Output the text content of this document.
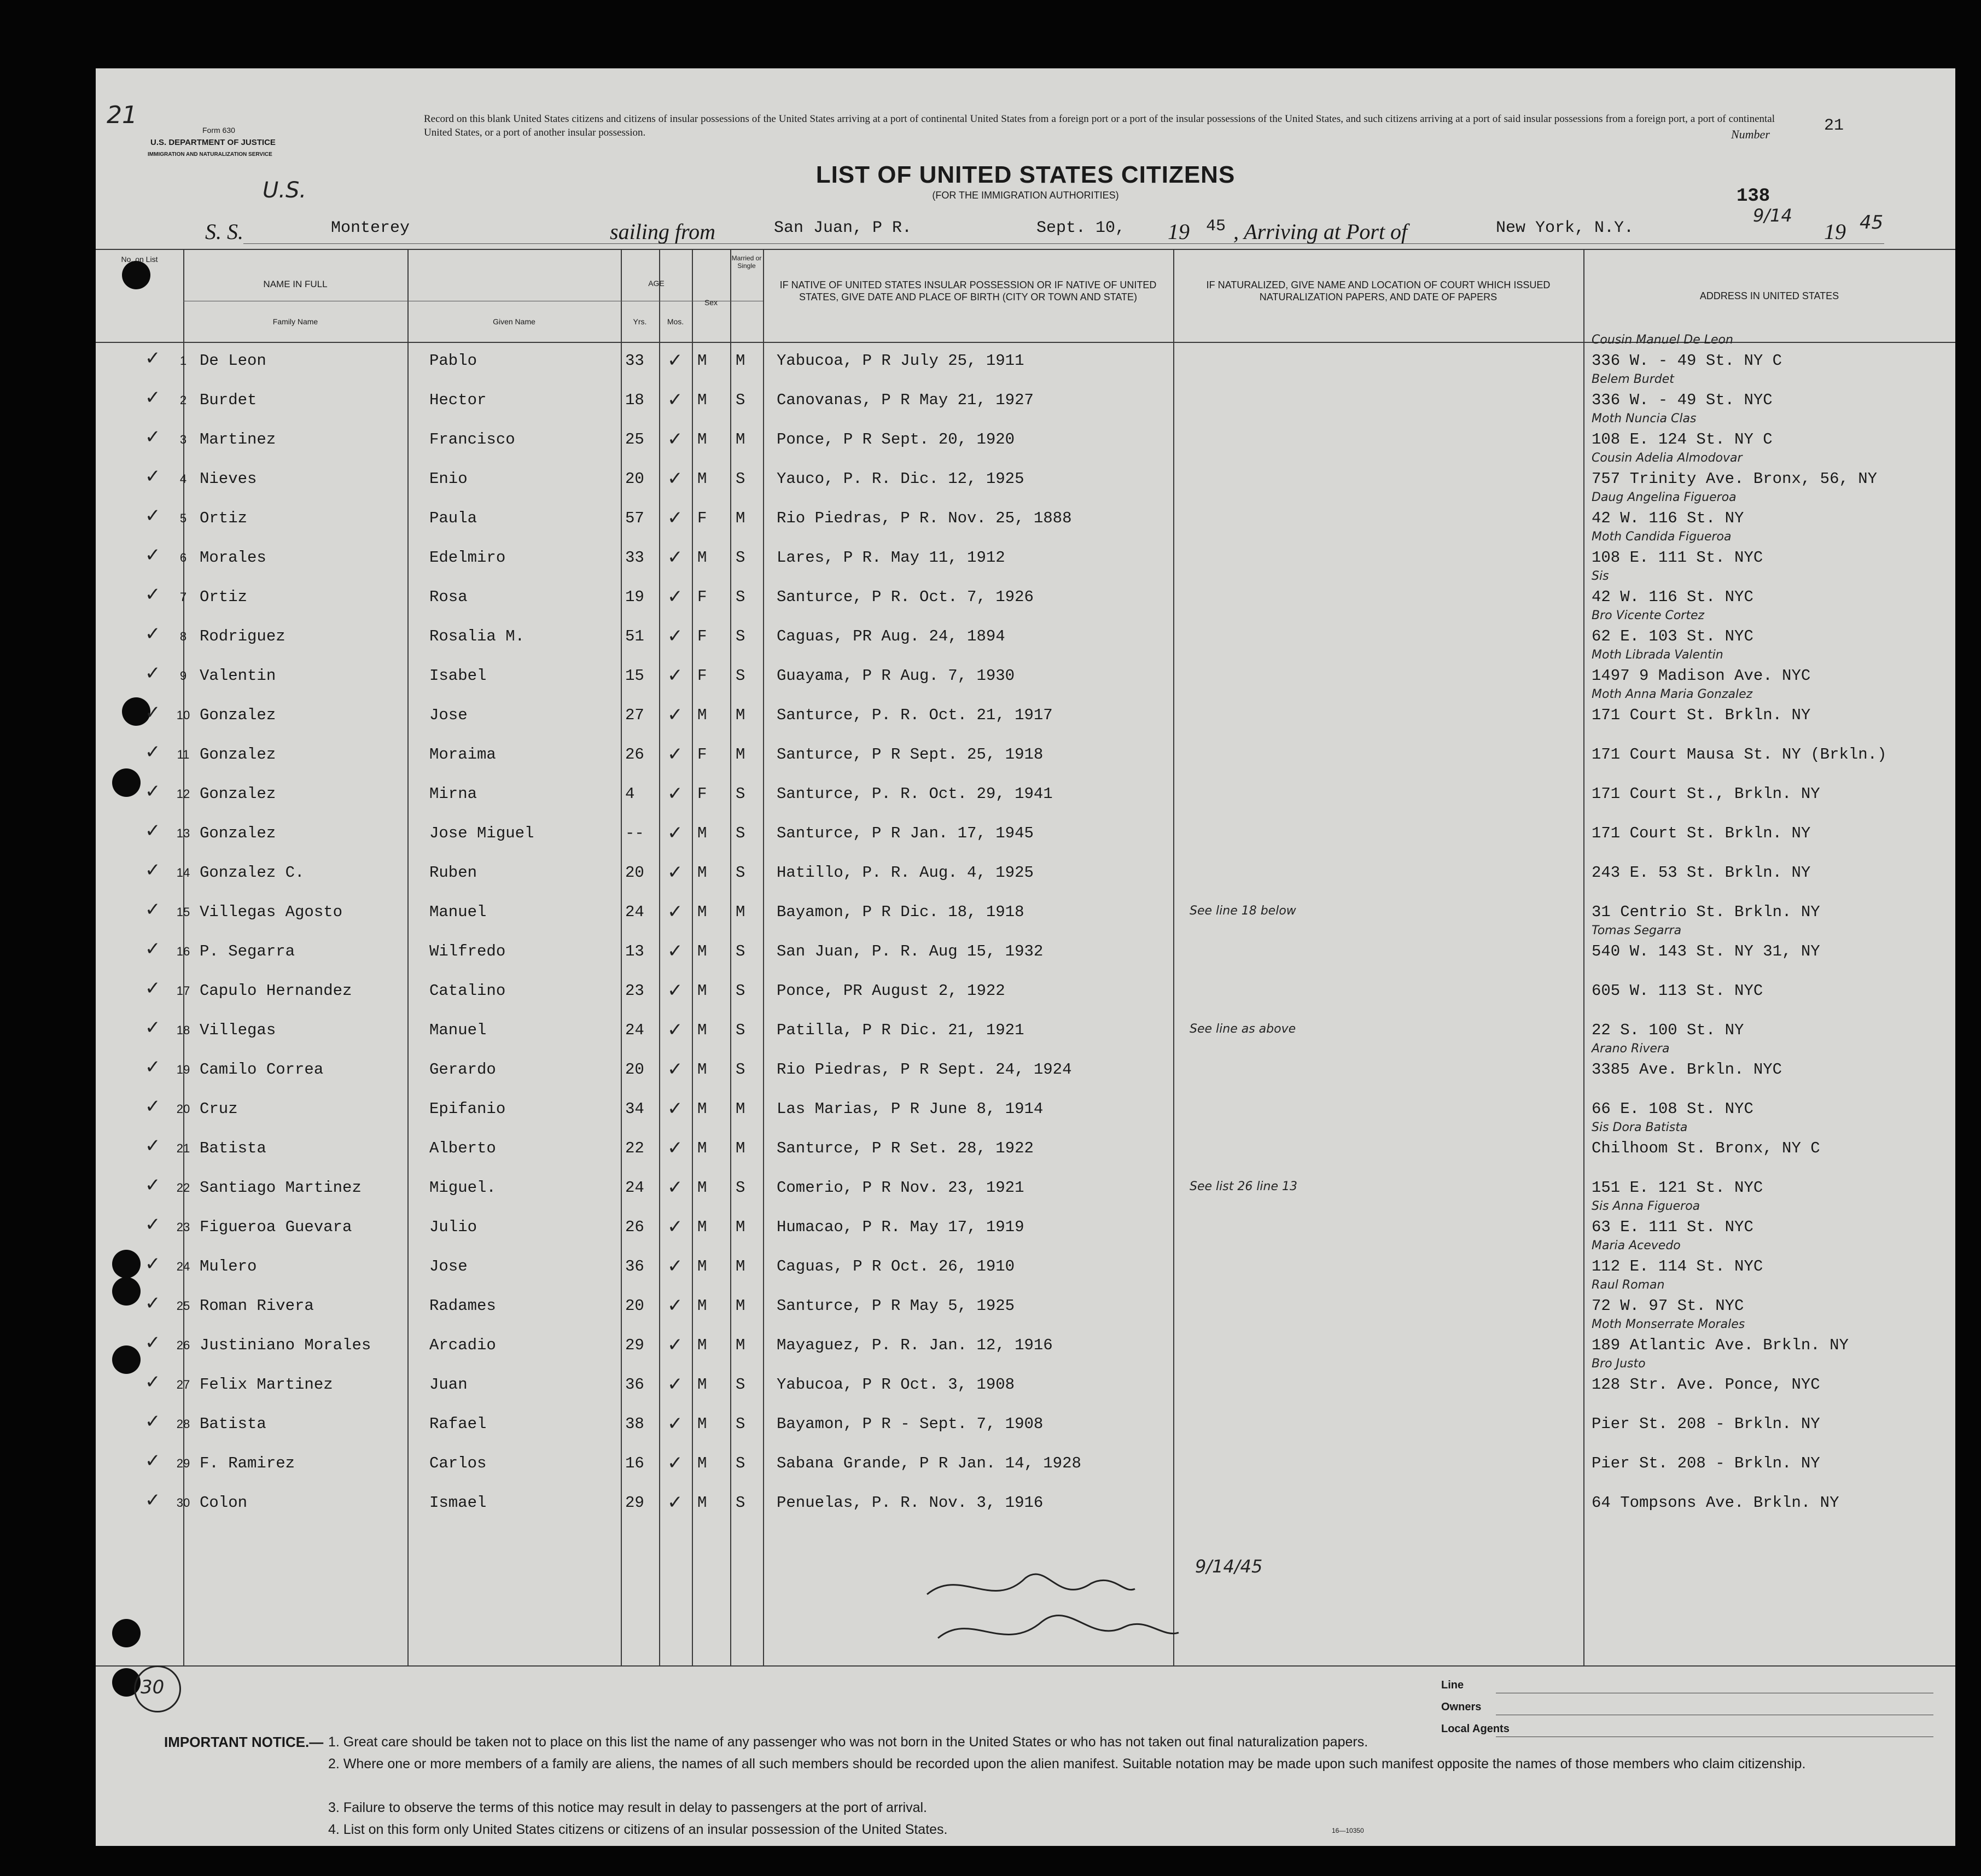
21
Form 630
U.S. DEPARTMENT OF JUSTICE
IMMIGRATION AND NATURALIZATION SERVICE
Record on this blank United States citizens and citizens of insular possessions of the United States arriving at a port of continental United States from a foreign port or a port of the insular possessions of the United States, and such citizens arriving at a port of said insular possessions from a foreign port, a port of continental United States, or a port of another insular possession.	Number	21
LIST OF UNITED STATES CITIZENS
(FOR THE IMMIGRATION AUTHORITIES)
S. S.
U.S.
Monterey	sailing from	San Juan, P R.	Sept. 10, 19 45 , Arriving at Port of	New York, N.Y.
138
9/14
19 45
NAME IN FULL
Family Name	Given Name
AGE
Yrs.	Mos.
Sex
Married or Single
No. on List
IF NATIVE OF UNITED STATES INSULAR POSSESSION OR IF NATIVE OF UNITED STATES, GIVE DATE AND PLACE OF BIRTH (CITY OR TOWN AND STATE)
IF NATURALIZED, GIVE NAME AND LOCATION OF COURT WHICH ISSUED NATURALIZATION PAPERS, AND DATE OF PAPERS	ADDRESS IN UNITED STATES
1 De Leon	Pablo	33	M M Yabucoa, P R July 25, 1911	336 W. - 49 St. NY C
✓
✓
Cousin Manuel De Leon
2 Burdet	Hector	18	M S Canovanas, P R May 21, 1927	336 W. - 49 St. NYC
✓
✓
Belem Burdet
3 Martinez	Francisco	25	M M Ponce, P R Sept. 20, 1920	108 E. 124 St. NY C
✓
✓
Moth Nuncia Clas
4 Nieves	Enio	20	M S Yauco, P. R. Dic. 12, 1925	757 Trinity Ave. Bronx, 56, NY
✓
✓
Cousin Adelia Almodovar
5 Ortiz	Paula	57	F M Rio Piedras, P R. Nov. 25, 1888	42 W. 116 St. NY
✓
✓
Daug Angelina Figueroa
6 Morales	Edelmiro	33	M S Lares, P R. May 11, 1912	108 E. 111 St. NYC
✓
✓
Moth Candida Figueroa
7 Ortiz	Rosa	19	F S Santurce, P R. Oct. 7, 1926	42 W. 116 St. NYC
✓
✓
Sis
8 Rodriguez	Rosalia M.	51	F S Caguas, PR Aug. 24, 1894	62 E. 103 St. NYC
✓
✓
Bro Vicente Cortez
9 Valentin	Isabel	15	F S Guayama, P R Aug. 7, 1930	1497 9 Madison Ave. NYC
✓
✓
Moth Librada Valentin
10 Gonzalez	Jose	27	M M Santurce, P. R. Oct. 21, 1917	171 Court St. Brkln. NY
✓
✓
Moth Anna Maria Gonzalez
11 Gonzalez	Moraima	26	F M Santurce, P R Sept. 25, 1918	171 Court Mausa St. NY (Brkln.)
✓
✓
12 Gonzalez	Mirna	4	F S Santurce, P. R. Oct. 29, 1941	171 Court St., Brkln. NY
✓
✓
13 Gonzalez	Jose Miguel	--	M S Santurce, P R Jan. 17, 1945	171 Court St. Brkln. NY
✓
✓
14 Gonzalez C.	Ruben	20	M S Hatillo, P. R. Aug. 4, 1925	243 E. 53 St. Brkln. NY
✓
✓
15 Villegas Agosto	Manuel	24	M M Bayamon, P R Dic. 18, 1918	31 Centrio St. Brkln. NY
✓
✓	See line 18 below
16 P. Segarra	Wilfredo	13	M S San Juan, P. R. Aug 15, 1932	540 W. 143 St. NY 31, NY
✓
✓
Tomas Segarra
17 Capulo Hernandez	Catalino	23	M S Ponce, PR August 2, 1922	605 W. 113 St. NYC
✓
✓
18 Villegas	Manuel	24	M S Patilla, P R Dic. 21, 1921	22 S. 100 St. NY
✓
✓	See line as above
19 Camilo Correa	Gerardo	20	M S Rio Piedras, P R Sept. 24, 1924	3385 Ave. Brkln. NYC
✓
✓
Arano Rivera
20 Cruz	Epifanio	34	M M Las Marias, P R June 8, 1914	66 E. 108 St. NYC
✓
✓
21 Batista	Alberto	22	M M Santurce, P R Set. 28, 1922	Chilhoom St. Bronx, NY C
✓
✓
Sis Dora Batista
22 Santiago Martinez	Miguel.	24	M S Comerio, P R Nov. 23, 1921	151 E. 121 St. NYC
✓
✓	See list 26 line 13
23 Figueroa Guevara	Julio	26	M M Humacao, P R. May 17, 1919	63 E. 111 St. NYC
✓
✓
Sis Anna Figueroa
24 Mulero	Jose	36	M M Caguas, P R Oct. 26, 1910	112 E. 114 St. NYC
✓
✓
Maria Acevedo
25 Roman Rivera	Radames	20	M M Santurce, P R May 5, 1925	72 W. 97 St. NYC
✓
✓
Raul Roman
26 Justiniano Morales	Arcadio	29	M M Mayaguez, P. R. Jan. 12, 1916	189 Atlantic Ave. Brkln. NY
✓
✓
Moth Monserrate Morales
27 Felix Martinez	Juan	36	M S Yabucoa, P R Oct. 3, 1908	128 Str. Ave. Ponce, NYC
✓
✓
Bro Justo
28 Batista	Rafael	38	M S Bayamon, P R - Sept. 7, 1908	Pier St. 208 - Brkln. NY
✓
✓
29 F. Ramirez	Carlos	16	M S Sabana Grande, P R Jan. 14, 1928	Pier St. 208 - Brkln. NY
✓
✓
30 Colon	Ismael	29	M S Penuelas, P. R. Nov. 3, 1916	64 Tompsons Ave. Brkln. NY
✓
✓
9/14/45
30	Line
Owners
Local Agents
IMPORTANT NOTICE.— 1. Great care should be taken not to place on this list the name of any passenger who was not born in the United States or who has not taken out final naturalization papers.
2. Where one or more members of a family are aliens, the names of all such members should be recorded upon the alien manifest. Suitable notation may be made upon such manifest opposite the names of those members who claim citizenship.
3. Failure to observe the terms of this notice may result in delay to passengers at the port of arrival.
4. List on this form only United States citizens or citizens of an insular possession of the United States.	16—10350
